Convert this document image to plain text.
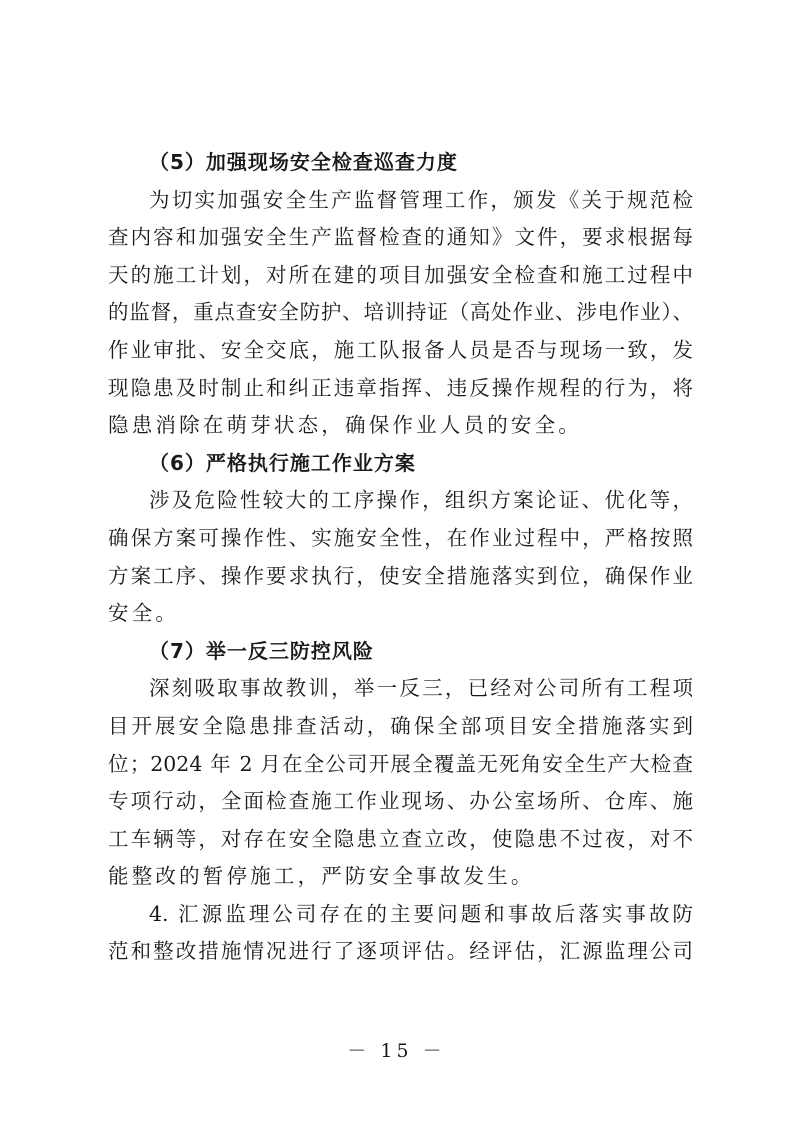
（5）加强现场安全检查巡查力度
为切实加强安全生产监督管理工作，颁发《关于规范检
查内容和加强安全生产监督检查的通知》文件，要求根据每
天的施工计划，对所在建的项目加强安全检查和施工过程中
的监督，重点查安全防护、培训持证（高处作业、涉电作业）、
作业审批、安全交底，施工队报备人员是否与现场一致，发
现隐患及时制止和纠正违章指挥、违反操作规程的行为，将
隐患消除在萌芽状态，确保作业人员的安全。
（6）严格执行施工作业方案
涉及危险性较大的工序操作，组织方案论证、优化等，
确保方案可操作性、实施安全性，在作业过程中，严格按照
方案工序、操作要求执行，使安全措施落实到位，确保作业
安全。
（7）举一反三防控风险
深刻吸取事故教训，举一反三，已经对公司所有工程项
目开展安全隐患排查活动，确保全部项目安全措施落实到
位；2024 年 2 月在全公司开展全覆盖无死角安全生产大检查
专项行动，全面检查施工作业现场、办公室场所、仓库、施
工车辆等，对存在安全隐患立查立改，使隐患不过夜，对不
能整改的暂停施工，严防安全事故发生。
4. 汇源监理公司存在的主要问题和事故后落实事故防
范和整改措施情况进行了逐项评估。经评估，汇源监理公司
－ 15 －
